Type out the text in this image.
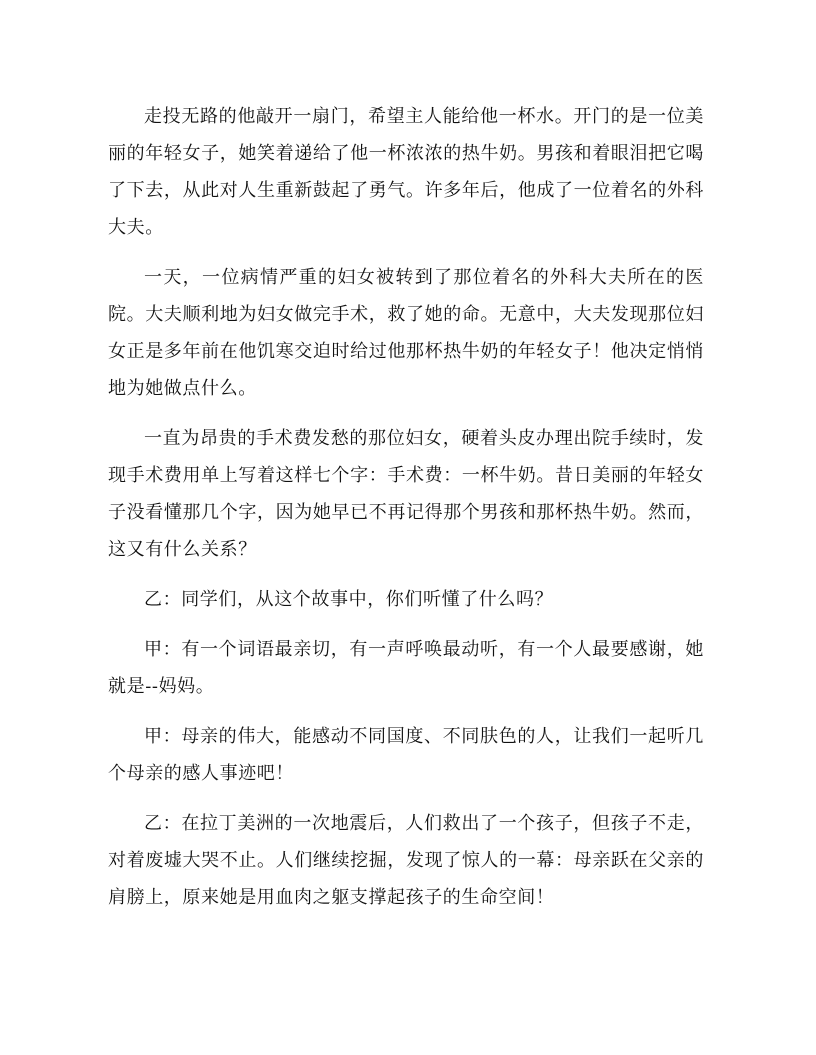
走投无路的他敲开一扇门，希望主人能给他一杯水。开门的是一位美丽的年轻女子，她笑着递给了他一杯浓浓的热牛奶。男孩和着眼泪把它喝了下去，从此对人生重新鼓起了勇气。许多年后，他成了一位着名的外科大夫。

一天，一位病情严重的妇女被转到了那位着名的外科大夫所在的医院。大夫顺利地为妇女做完手术，救了她的命。无意中，大夫发现那位妇女正是多年前在他饥寒交迫时给过他那杯热牛奶的年轻女子！他决定悄悄地为她做点什么。

一直为昂贵的手术费发愁的那位妇女，硬着头皮办理出院手续时，发现手术费用单上写着这样七个字：手术费：一杯牛奶。昔日美丽的年轻女子没看懂那几个字，因为她早已不再记得那个男孩和那杯热牛奶。然而，这又有什么关系？

乙：同学们，从这个故事中，你们听懂了什么吗？

甲：有一个词语最亲切，有一声呼唤最动听，有一个人最要感谢，她就是--妈妈。

甲：母亲的伟大，能感动不同国度、不同肤色的人，让我们一起听几个母亲的感人事迹吧！

乙：在拉丁美洲的一次地震后，人们救出了一个孩子，但孩子不走，对着废墟大哭不止。人们继续挖掘，发现了惊人的一幕：母亲跃在父亲的肩膀上，原来她是用血肉之躯支撑起孩子的生命空间！
